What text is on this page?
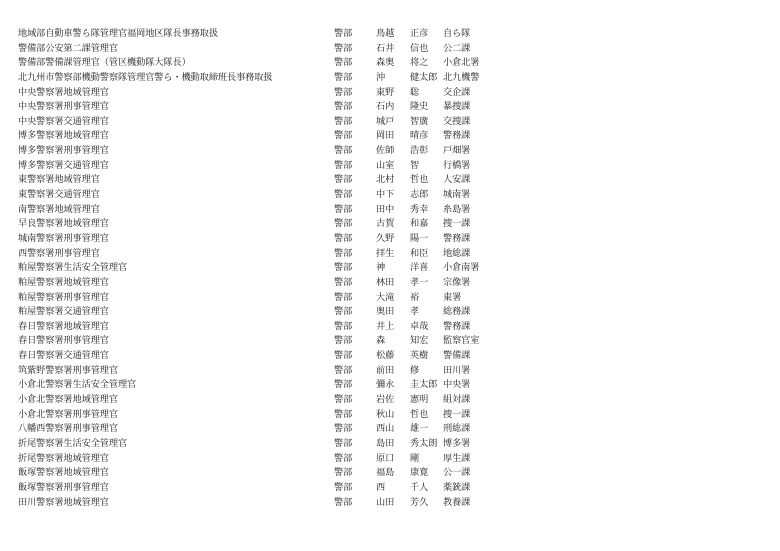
地域部自動車警ら隊管理官福岡地区隊長事務取扱	警部	鳥越 正彦 自ら隊
警備部公安第二課管理官	警部	石井 信也 公二課
警備部警備課管理官（管区機動隊大隊長）	警部	森奥 将之 小倉北署
北九州市警察部機動警察隊管理官警ら・機動取締班長事務取扱	警部	沖	健太郎 北九機警
中央警察署地域管理官	警部	東野 聡	交企課
中央警察署刑事管理官	警部	石内 隆史 暴捜課
中央警察署交通管理官	警部	城戸 智廣 交捜課
博多警察署地域管理官	警部	岡田 晴彦 警務課
博多警察署刑事管理官	警部	佐師 浩彰 戸畑署
博多警察署交通管理官	警部	山室 智	行橋署
東警察署地域管理官	警部	北村 哲也 人安課
東警察署交通管理官	警部	中下 志郎 城南署
南警察署地域管理官	警部	田中 秀幸 糸島署
早良警察署地域管理官	警部	古賀 和嘉 捜一課
城南警察署刑事管理官	警部	久野 陽一 警務課
西警察署刑事管理官	警部	拝生 和臣 地総課
粕屋警察署生活安全管理官	警部	神	洋喜 小倉南署
粕屋警察署地域管理官	警部	林田 孝一 宗像署
粕屋警察署刑事管理官	警部	大滝 裕	東署
粕屋警察署交通管理官	警部	奥田 孝	総務課
春日警察署地域管理官	警部	井上 卓哉 警務課
春日警察署刑事管理官	警部	森	知宏 監察官室
春日警察署交通管理官	警部	松藤 英樹 警備課
筑紫野警察署刑事管理官	警部	前田 修	田川署
小倉北警察署生活安全管理官	警部	彌永 圭太郎 中央署
小倉北警察署地域管理官	警部	岩佐 憲明 組対課
小倉北警察署刑事管理官	警部	秋山 哲也 捜一課
八幡西警察署刑事管理官	警部	西山 雄一 刑総課
折尾警察署生活安全管理官	警部	島田 秀太朗 博多署
折尾警察署地域管理官	警部	原口 剛	厚生課
飯塚警察署地域管理官	警部	福島 康寛 公一課
飯塚警察署刑事管理官	警部	西	千人 薬銃課
田川警察署地域管理官	警部	山田 芳久 教養課
